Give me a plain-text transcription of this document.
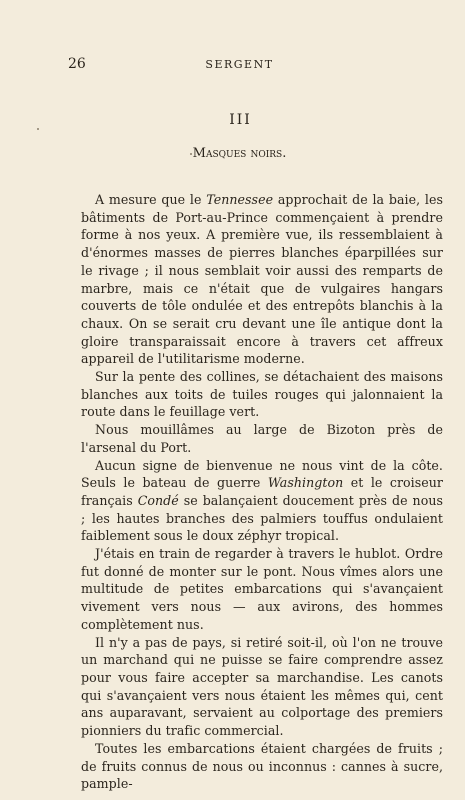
26	SERGENT
III
Masques noirs.

A mesure que le Tennessee approchait de la baie, les bâtiments de Port-au-Prince commençaient à prendre forme à nos yeux. A première vue, ils ressemblaient à d'énormes masses de pierres blanches éparpillées sur le rivage ; il nous semblait voir aussi des remparts de marbre, mais ce n'était que de vulgaires hangars couverts de tôle ondulée et des entrepôts blanchis à la chaux. On se serait cru devant une île antique dont la gloire transparaissait encore à travers cet affreux appareil de l'utilitarisme moderne.

Sur la pente des collines, se détachaient des maisons blanches aux toits de tuiles rouges qui jalonnaient la route dans le feuillage vert.

Nous mouillâmes au large de Bizoton près de l'arsenal du Port.

Aucun signe de bienvenue ne nous vint de la côte. Seuls le bateau de guerre Washington et le croiseur français Condé se balançaient doucement près de nous ; les hautes branches des palmiers touffus ondulaient faiblement sous le doux zéphyr tropical.

J'étais en train de regarder à travers le hublot. Ordre fut donné de monter sur le pont. Nous vîmes alors une multitude de petites embarcations qui s'avançaient vivement vers nous — aux avirons, des hommes complètement nus.

Il n'y a pas de pays, si retiré soit-il, où l'on ne trouve un marchand qui ne puisse se faire comprendre assez pour vous faire accepter sa marchandise. Les canots qui s'avançaient vers nous étaient les mêmes qui, cent ans auparavant, servaient au colportage des premiers pionniers du trafic commercial.

Toutes les embarcations étaient chargées de fruits ; de fruits connus de nous ou inconnus : cannes à sucre, pample-
